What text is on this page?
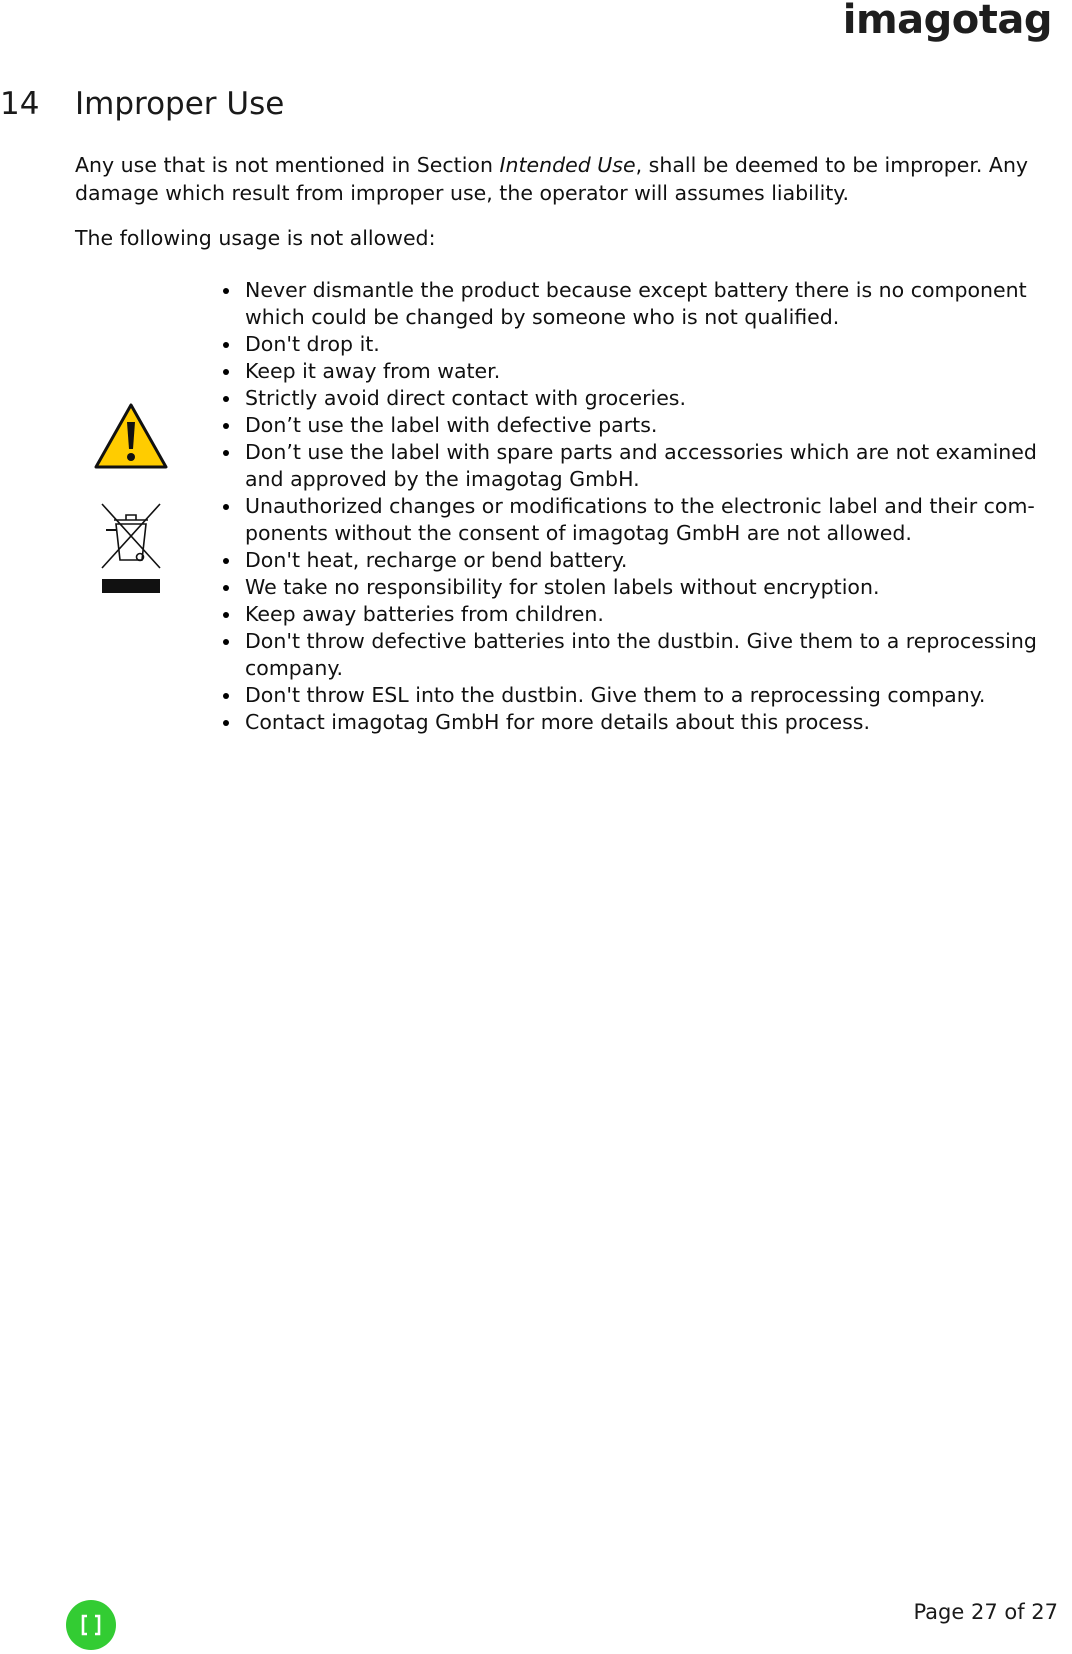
imagotag
14 Improper Use

Any use that is not mentioned in Section Intended Use, shall be deemed to be improper. Any damage which result from improper use, the operator will assumes liability.

The following usage is not allowed:

Never dismantle the product because except battery there is no component which could be changed by someone who is not qualified.
Don't drop it.
Keep it away from water.
Strictly avoid direct contact with groceries.
Don’t use the label with defective parts.
Don’t use the label with spare parts and accessories which are not examined and approved by the imagotag GmbH.
Unauthorized changes or modifications to the electronic label and their com-ponents without the consent of imagotag GmbH are not allowed.
Don't heat, recharge or bend battery.
We take no responsibility for stolen labels without encryption.
Keep away batteries from children.
Don't throw defective batteries into the dustbin. Give them to a reprocessing company.
Don't throw ESL into the dustbin. Give them to a reprocessing company.
Contact imagotag GmbH for more details about this process.
Page 27 of 27
